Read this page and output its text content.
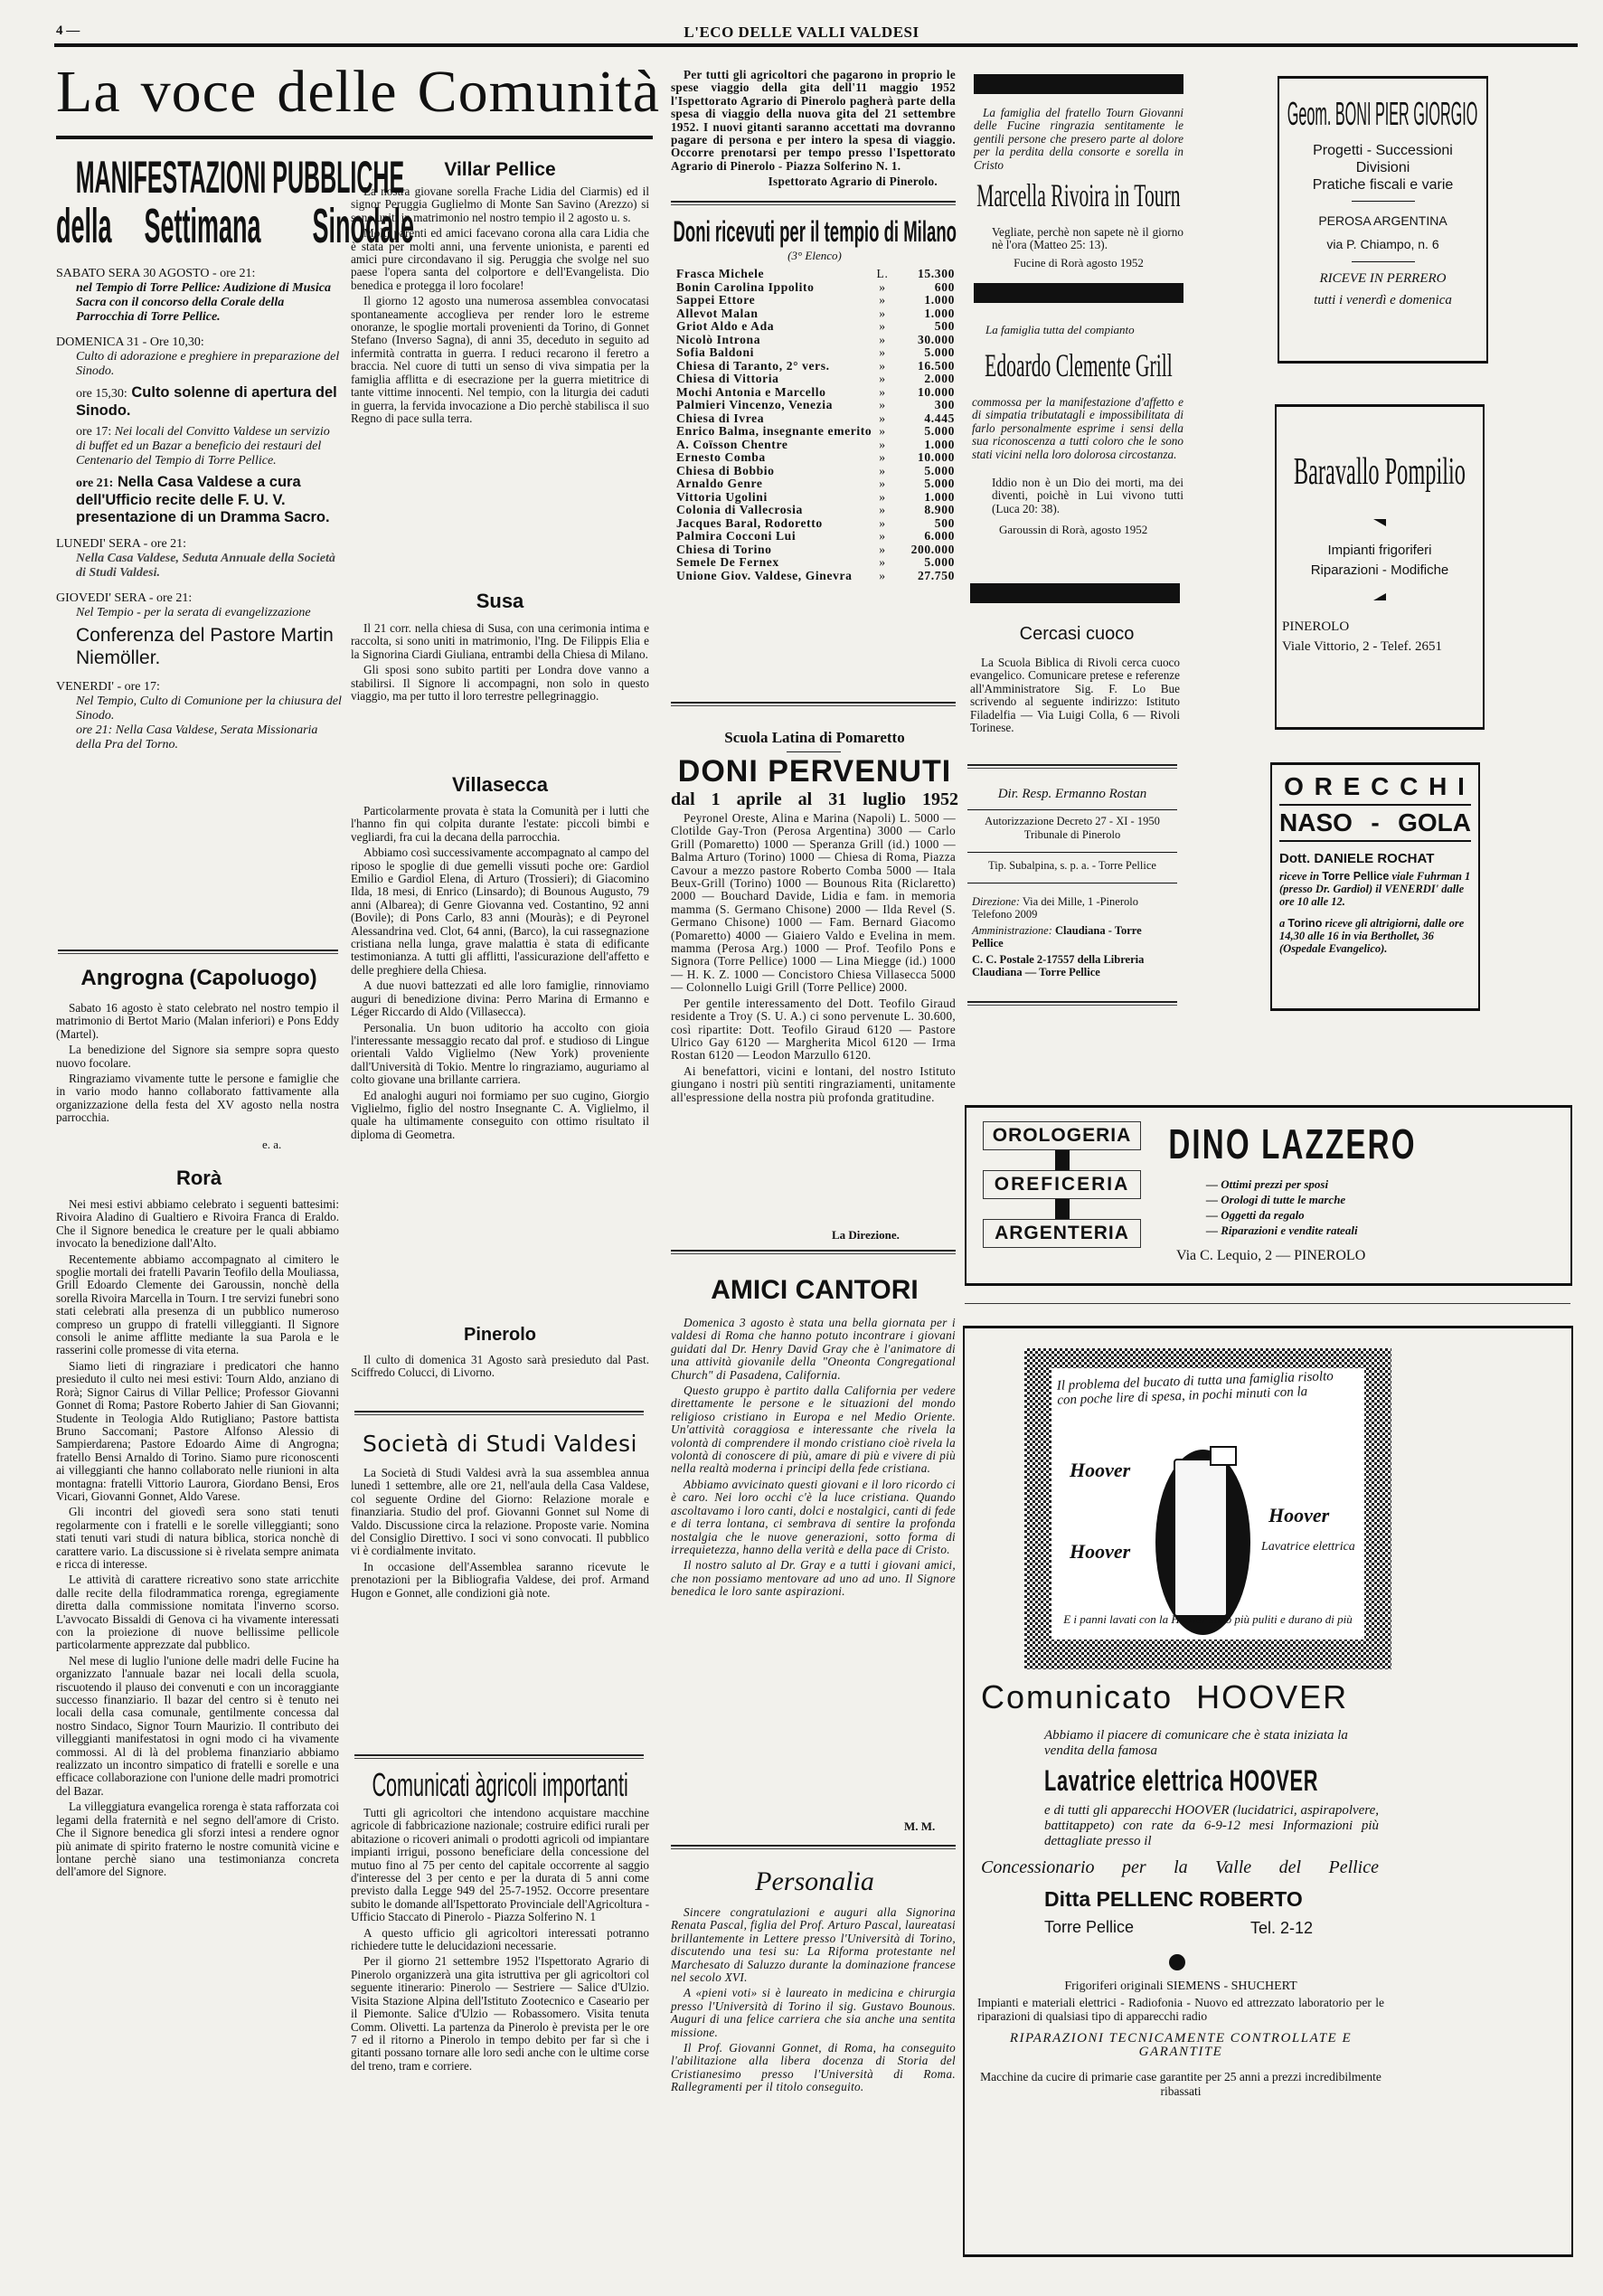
4 —	L'ECO DELLE VALLI VALDESI
La voce delle Comunità
MANIFESTAZIONI PUBBLICHE
della Settimana Sinodale
SABATO SERA 30 AGOSTO - ore 21:
nel Tempio di Torre Pellice: Audizione di Musica Sacra con il concorso della Corale della Parrocchia di Torre Pellice.
DOMENICA 31 - Ore 10,30:
Culto di adorazione e preghiere in preparazione del Sinodo.
ore 15,30: Culto solenne di apertura del Sinodo.
ore 17: Nei locali del Convitto Valdese un servizio di buffet ed un Bazar a beneficio dei restauri del Centenario del Tempio di Torre Pellice.
ore 21: Nella Casa Valdese a cura dell'Ufficio recite delle F. U. V. presentazione di un Dramma Sacro.
LUNEDI' SERA - ore 21:
Nella Casa Valdese, Seduta Annuale della Società di Studi Valdesi.
GIOVEDI' SERA - ore 21:
Nel Tempio - per la serata di evangelizzazione
Conferenza del Pastore Martin Niemöller.
VENERDI' - ore 17:
Nel Tempio, Culto di Comunione per la chiusura del Sinodo.
ore 21: Nella Casa Valdese, Serata Missionaria della Pra del Torno.
Angrogna (Capoluogo)

Sabato 16 agosto è stato celebrato nel nostro tempio il matrimonio di Bertot Mario (Malan inferiori) e Pons Eddy (Martel).

La benedizione del Signore sia sempre sopra questo nuovo focolare.

Ringraziamo vivamente tutte le persone e famiglie che in vario modo hanno collaborato fattivamente alla organizzazione della festa del XV agosto nella nostra parrocchia.

e. a.
Rorà

Nei mesi estivi abbiamo celebrato i seguenti battesimi: Rivoira Aladino di Gualtiero e Rivoira Franca di Eraldo. Che il Signore benedica le creature per le quali abbiamo invocato la benedizione dall'Alto.

Recentemente abbiamo accompagnato al cimitero le spoglie mortali dei fratelli Pavarin Teofilo della Mouliassa, Grill Edoardo Clemente dei Garoussin, nonchè della sorella Rivoira Marcella in Tourn. I tre servizi funebri sono stati celebrati alla presenza di un pubblico numeroso compreso un gruppo di fratelli villeggianti. Il Signore consoli le anime afflitte mediante la sua Parola e le rasserini colle promesse di vita eterna.

Siamo lieti di ringraziare i predicatori che hanno presieduto il culto nei mesi estivi: Tourn Aldo, anziano di Rorà; Signor Cairus di Villar Pellice; Professor Giovanni Gonnet di Roma; Pastore Roberto Jahier di San Giovanni; Studente in Teologia Aldo Rutigliano; Pastore battista Bruno Saccomani; Pastore Alfonso Alessio di Sampierdarena; Pastore Edoardo Aime di Angrogna; fratello Bensi Arnaldo di Torino. Siamo pure riconoscenti ai villeggianti che hanno collaborato nelle riunioni in alta montagna: fratelli Vittorio Laurora, Giordano Bensi, Eros Vicari, Giovanni Gonnet, Aldo Varese.

Gli incontri del giovedì sera sono stati tenuti regolarmente con i fratelli e le sorelle villeggianti; sono stati tenuti vari studi di natura biblica, storica nonchè di carattere vario. La discussione si è rivelata sempre animata e ricca di interesse.

Le attività di carattere ricreativo sono state arricchite dalle recite della filodrammatica rorenga, egregiamente diretta dalla commissione nomitata l'inverno scorso. L'avvocato Bissaldi di Genova ci ha vivamente interessati con la proiezione di nuove bellissime pellicole particolarmente apprezzate dal pubblico.

Nel mese di luglio l'unione delle madri delle Fucine ha organizzato l'annuale bazar nei locali della scuola, riscuotendo il plauso dei convenuti e con un incoraggiante successo finanziario. Il bazar del centro si è tenuto nei locali della casa comunale, gentilmente concessa dal nostro Sindaco, Signor Tourn Maurizio. Il contributo dei villeggianti manifestatosi in ogni modo ci ha vivamente commossi. Al di là del problema finanziario abbiamo realizzato un incontro simpatico di fratelli e sorelle e una efficace collaborazione con l'unione delle madri promotrici del Bazar.

La villeggiatura evangelica rorenga è stata rafforzata coi legami della fraternità e nel segno dell'amore di Cristo. Che il Signore benedica gli sforzi intesi a rendere ognor più animate di spirito fraterno le nostre comunità vicine e lontane perchè siano una testimonianza concreta dell'amore del Signore.

Villar Pellice

La nostra giovane sorella Frache Lidia del Ciarmis) ed il signor Peruggia Guglielmo di Monte San Savino (Arezzo) si sono uniti in matrimonio nel nostro tempio il 2 agosto u. s.

Molti parenti ed amici facevano corona alla cara Lidia che è stata per molti anni, una fervente unionista, e parenti ed amici pure circondavano il sig. Peruggia che svolge nel suo paese l'opera santa del colportore e dell'Evangelista. Dio benedica e protegga il loro focolare!

Il giorno 12 agosto una numerosa assemblea convocatasi spontaneamente accoglieva per render loro le estreme onoranze, le spoglie mortali provenienti da Torino, di Gonnet Stefano (Inverso Sagna), di anni 35, deceduto in seguito ad infermità contratta in guerra. I reduci recarono il feretro a braccia. Nel cuore di tutti un senso di viva simpatia per la famiglia afflitta e di esecrazione per la guerra mietitrice di tante vittime innocenti. Nel tempio, con la liturgia dei caduti in guerra, la fervida invocazione a Dio perchè stabilisca il suo Regno di pace sulla terra.

Susa

Il 21 corr. nella chiesa di Susa, con una cerimonia intima e raccolta, si sono uniti in matrimonio, l'Ing. De Filippis Elia e la Signorina Ciardi Giuliana, entrambi della Chiesa di Milano.

Gli sposi sono subito partiti per Londra dove vanno a stabilirsi. Il Signore li accompagni, non solo in questo viaggio, ma per tutto il loro terrestre pellegrinaggio.

Villasecca

Particolarmente provata è stata la Comunità per i lutti che l'hanno fin qui colpita durante l'estate: piccoli bimbi e vegliardi, fra cui la decana della parrocchia.

Abbiamo così successivamente accompagnato al campo del riposo le spoglie di due gemelli vissuti poche ore: Gardiol Emilio e Gardiol Elena, di Arturo (Trossieri); di Giacomino Ilda, 18 mesi, di Enrico (Linsardo); di Bounous Augusto, 79 anni (Albarea); di Genre Giovanna ved. Costantino, 92 anni (Bovile); di Pons Carlo, 83 anni (Mouràs); e di Peyronel Alessandrina ved. Clot, 64 anni, (Barco), la cui rassegnazione cristiana nella lunga, grave malattia è stata di edificante testimonianza. A tutti gli afflitti, l'assicurazione dell'affetto e delle preghiere della Chiesa.

A due nuovi battezzati ed alle loro famiglie, rinnoviamo auguri di benedizione divina: Perro Marina di Ermanno e Léger Riccardo di Aldo (Villasecca).

Personalia. Un buon uditorio ha accolto con gioia l'interessante messaggio recato dal prof. e studioso di Lingue orientali Valdo Viglielmo (New York) proveniente dall'Università di Tokio. Mentre lo ringraziamo, auguriamo al colto giovane una brillante carriera.

Ed analoghi auguri noi formiamo per suo cugino, Giorgio Viglielmo, figlio del nostro Insegnante C. A. Viglielmo, il quale ha ultimamente conseguito con ottimo risultato il diploma di Geometra.

Pinerolo

Il culto di domenica 31 Agosto sarà presieduto dal Past. Sciffredo Colucci, di Livorno.

Società di Studi Valdesi

La Società di Studi Valdesi avrà la sua assemblea annua lunedì 1 settembre, alle ore 21, nell'aula della Casa Valdese, col seguente Ordine del Giorno: Relazione morale e finanziaria. Studio del prof. Giovanni Gonnet sul Nome di Valdo. Discussione circa la relazione. Proposte varie. Nomina del Consiglio Direttivo. I soci vi sono convocati. Il pubblico vi è cordialmente invitato.

In occasione dell'Assemblea saranno ricevute le prenotazioni per la Bibliografia Valdese, dei prof. Armand Hugon e Gonnet, alle condizioni già note.

Comunicati àgricoli importanti

Tutti gli agricoltori che intendono acquistare macchine agricole di fabbricazione nazionale; costruire edifici rurali per abitazione o ricoveri animali o prodotti agricoli od impiantare impianti irrigui, possono beneficiare della concessione del mutuo fino al 75 per cento del capitale occorrente al saggio d'interesse del 3 per cento e per la durata di 5 anni come previsto dalla Legge 949 del 25-7-1952. Occorre presentare subito le domande all'Ispettorato Provinciale dell'Agricoltura - Ufficio Staccato di Pinerolo - Piazza Solferino N. 1

A questo ufficio gli agricoltori interessati potranno richiedere tutte le delucidazioni necessarie.

Per il giorno 21 settembre 1952 l'Ispettorato Agrario di Pinerolo organizzerà una gita istruttiva per gli agricoltori col seguente itinerario: Pinerolo — Sestriere — Salice d'Ulzio. Visita Stazione Alpina dell'Istituto Zootecnico e Caseario per il Piemonte. Salice d'Ulzio — Robassomero. Visita tenuta Comm. Olivetti. La partenza da Pinerolo è prevista per le ore 7 ed il ritorno a Pinerolo in tempo debito per far sì che i gitanti possano tornare alle loro sedi anche con le ultime corse del treno, tram e corriere.

Per tutti gli agricoltori che pagarono in proprio le spese viaggio della gita dell'11 maggio 1952 l'Ispettorato Agrario di Pinerolo pagherà parte della spesa di viaggio della nuova gita del 21 settembre 1952. I nuovi gitanti saranno accettati ma dovranno pagare di persona e per intero la spesa di viaggio. Occorre prenotarsi per tempo presso l'Ispettorato Agrario di Pinerolo - Piazza Solferino N. 1.

Ispettorato Agrario di Pinerolo.
Doni ricevuti per il tempio di Milano
(3° Elenco)
Frasca Michele	L.	15.300
Bonin Carolina Ippolito	»	600
Sappei Ettore	»	1.000
Allevot Malan	»	1.000
Griot Aldo e Ada	»	500
Nicolò Introna	»	30.000
Sofia Baldoni	»	5.000
Chiesa di Taranto, 2° vers.	»	16.500
Chiesa di Vittoria	»	2.000
Mochi Antonia e Marcello	»	10.000
Palmieri Vincenzo, Venezia	»	300
Chiesa di Ivrea	»	4.445
Enrico Balma, insegnante emerito	»	5.000
A. Coïsson Chentre	»	1.000
Ernesto Comba	»	10.000
Chiesa di Bobbio	»	5.000
Arnaldo Genre	»	5.000
Vittoria Ugolini	»	1.000
Colonia di Vallecrosia	»	8.900
Jacques Baral, Rodoretto	»	500
Palmira Cocconi Lui	»	6.000
Chiesa di Torino	»	200.000
Semele De Fernex	»	5.000
Unione Giov. Valdese, Ginevra	»	27.750
Scuola Latina di Pomaretto
DONI PERVENUTI
dal 1 aprile al 31 luglio 1952

Peyronel Oreste, Alina e Marina (Napoli) L. 5000 — Clotilde Gay-Tron (Perosa Argentina) 3000 — Carlo Grill (Pomaretto) 1000 — Speranza Grill (id.) 1000 — Balma Arturo (Torino) 1000 — Chiesa di Roma, Piazza Cavour a mezzo pastore Roberto Comba 5000 — Itala Beux-Grill (Torino) 1000 — Bounous Rita (Riclaretto) 2000 — Bouchard Davide, Lidia e fam. in memoria mamma (S. Germano Chisone) 2000 — Ilda Revel (S. Germano Chisone) 1000 — Fam. Bernard Giacomo (Pomaretto) 4000 — Giaiero Valdo e Evelina in mem. mamma (Perosa Arg.) 1000 — Prof. Teofilo Pons e Signora (Torre Pellice) 1000 — Lina Miegge (id.) 1000 — H. K. Z. 1000 — Concistoro Chiesa Villasecca 5000 — Colonnello Luigi Grill (Torre Pellice) 2000.

Per gentile interessamento del Dott. Teofilo Giraud residente a Troy (S. U. A.) ci sono pervenute L. 30.600, così ripartite: Dott. Teofilo Giraud 6120 — Pastore Ulrico Gay 6120 — Margherita Micol 6120 — Irma Rostan 6120 — Leodon Marzullo 6120.

Ai benefattori, vicini e lontani, del nostro Istituto giungano i nostri più sentiti ringraziamenti, unitamente all'espressione della nostra più profonda gratitudine.

La Direzione.
AMICI CANTORI

Domenica 3 agosto è stata una bella giornata per i valdesi di Roma che hanno potuto incontrare i giovani guidati dal Dr. Henry David Gray che è l'animatore di una attività giovanile della "Oneonta Congregational Church" di Pasadena, California.

Questo gruppo è partito dalla California per vedere direttamente le persone e le situazioni del mondo religioso cristiano in Europa e nel Medio Oriente. Un'attività coraggiosa e interessante che rivela la volontà di comprendere il mondo cristiano cioè rivela la volontà di conoscere di più, amare di più e vivere di più nella realtà moderna i principi della fede cristiana.

Abbiamo avvicinato questi giovani e il loro ricordo ci è caro. Nei loro occhi c'è la luce cristiana. Quando ascoltavamo i loro canti, dolci e nostalgici, canti di fede e di terra lontana, ci sembrava di sentire la profonda nostalgia che le nuove generazioni, sotto forma di irrequietezza, hanno della verità e della pace di Cristo.

Il nostro saluto al Dr. Gray e a tutti i giovani amici, che non possiamo mentovare ad uno ad uno. Il Signore benedica le loro sante aspirazioni.

M. M.
Personalia

Sincere congratulazioni e auguri alla Signorina Renata Pascal, figlia del Prof. Arturo Pascal, laureatasi brillantemente in Lettere presso l'Università di Torino, discutendo una tesi su: La Riforma protestante nel Marchesato di Saluzzo durante la dominazione francese nel secolo XVI.

A «pieni voti» si è laureato in medicina e chirurgia presso l'Università di Torino il sig. Gustavo Bounous. Auguri di una felice carriera che sia anche una sentita missione.

Il Prof. Giovanni Gonnet, di Roma, ha conseguito l'abilitazione alla libera docenza di Storia del Cristianesimo presso l'Università di Roma. Rallegramenti per il titolo conseguito.

La famiglia del fratello Tourn Giovanni delle Fucine ringrazia sentitamente le gentili persone che presero parte al dolore per la perdita della consorte e sorella in Cristo
Marcella Rivoira in Tourn
Vegliate, perchè non sapete nè il giorno nè l'ora (Matteo 25: 13).
Fucine di Rorà agosto 1952
La famiglia tutta del compianto
Edoardo Clemente Grill
commossa per la manifestazione d'affetto e di simpatia tributatagli e impossibilitata di farlo personalmente esprime i sensi della sua riconoscenza a tutti coloro che le sono stati vicini nella loro dolorosa circostanza.
Iddio non è un Dio dei morti, ma dei diventi, poichè in Lui vivono tutti (Luca 20: 38).
Garoussin di Rorà, agosto 1952
Cercasi cuoco
La Scuola Biblica di Rivoli cerca cuoco evangelico. Comunicare pretese e referenze all'Amministratore Sig. F. Lo Bue scrivendo al seguente indirizzo: Istituto Filadelfia — Via Luigi Colla, 6 — Rivoli Torinese.
Dir. Resp. Ermanno Rostan
Autorizzazione Decreto 27 - XI - 1950
Tribunale di Pinerolo
Tip. Subalpina, s. p. a. - Torre Pellice
Direzione: Via dei Mille, 1 -Pinerolo Telefono 2009
Amministrazione: Claudiana - Torre Pellice
C. C. Postale 2-17557 della Libreria Claudiana — Torre Pellice
Geom. BONI PIER GIORGIO
Progetti - Successioni
Divisioni
Pratiche fiscali e varie
PEROSA ARGENTINA
via P. Chiampo, n. 6
RICEVE IN PERRERO
tutti i venerdì e domenica
Baravallo Pompilio
Impianti frigoriferi
Riparazioni - Modifiche
PINEROLO
Viale Vittorio, 2 - Telef. 2651
O R E C C H I
NASO - GOLA
Dott. DANIELE ROCHAT
riceve in Torre Pellice viale Fuhrman 1 (presso Dr. Gardiol) il VENERDI' dalle ore 10 alle 12.
a Torino riceve gli altrigiorni, dalle ore 14,30 alle 16 in via Berthollet, 36 (Ospedale Evangelico).
OROLOGERIA
OREFICERIA
ARGENTERIA
DINO LAZZERO
— Ottimi prezzi per sposi
— Orologi di tutte le marche
— Oggetti da regalo
— Riparazioni e vendite rateali
Via C. Lequio, 2 — PINEROLO
Il problema del bucato di tutta una famiglia risolto con poche lire di spesa, in pochi minuti con la
Hoover
Hoover
Hoover
Lavatrice elettrica
E i panni lavati con la Hoover sono più puliti e durano di più
Comunicato HOOVER
Abbiamo il piacere di comunicare che è stata iniziata la vendita della famosa
Lavatrice elettrica HOOVER
e di tutti gli apparecchi HOOVER (lucidatrici, aspirapolvere, battitappeto) con rate da 6-9-12 mesi Informazioni più dettagliate presso il
Concessionario per la Valle del Pellice
Ditta PELLENC ROBERTO
Torre Pellice	Tel. 2-12
Frigoriferi originali SIEMENS - SHUCHERT
Impianti e materiali elettrici - Radiofonia - Nuovo ed attrezzato laboratorio per le riparazioni di qualsiasi tipo di apparecchi radio
RIPARAZIONI TECNICAMENTE CONTROLLATE E GARANTITE
Macchine da cucire di primarie case garantite per 25 anni a prezzi incredibilmente ribassati
